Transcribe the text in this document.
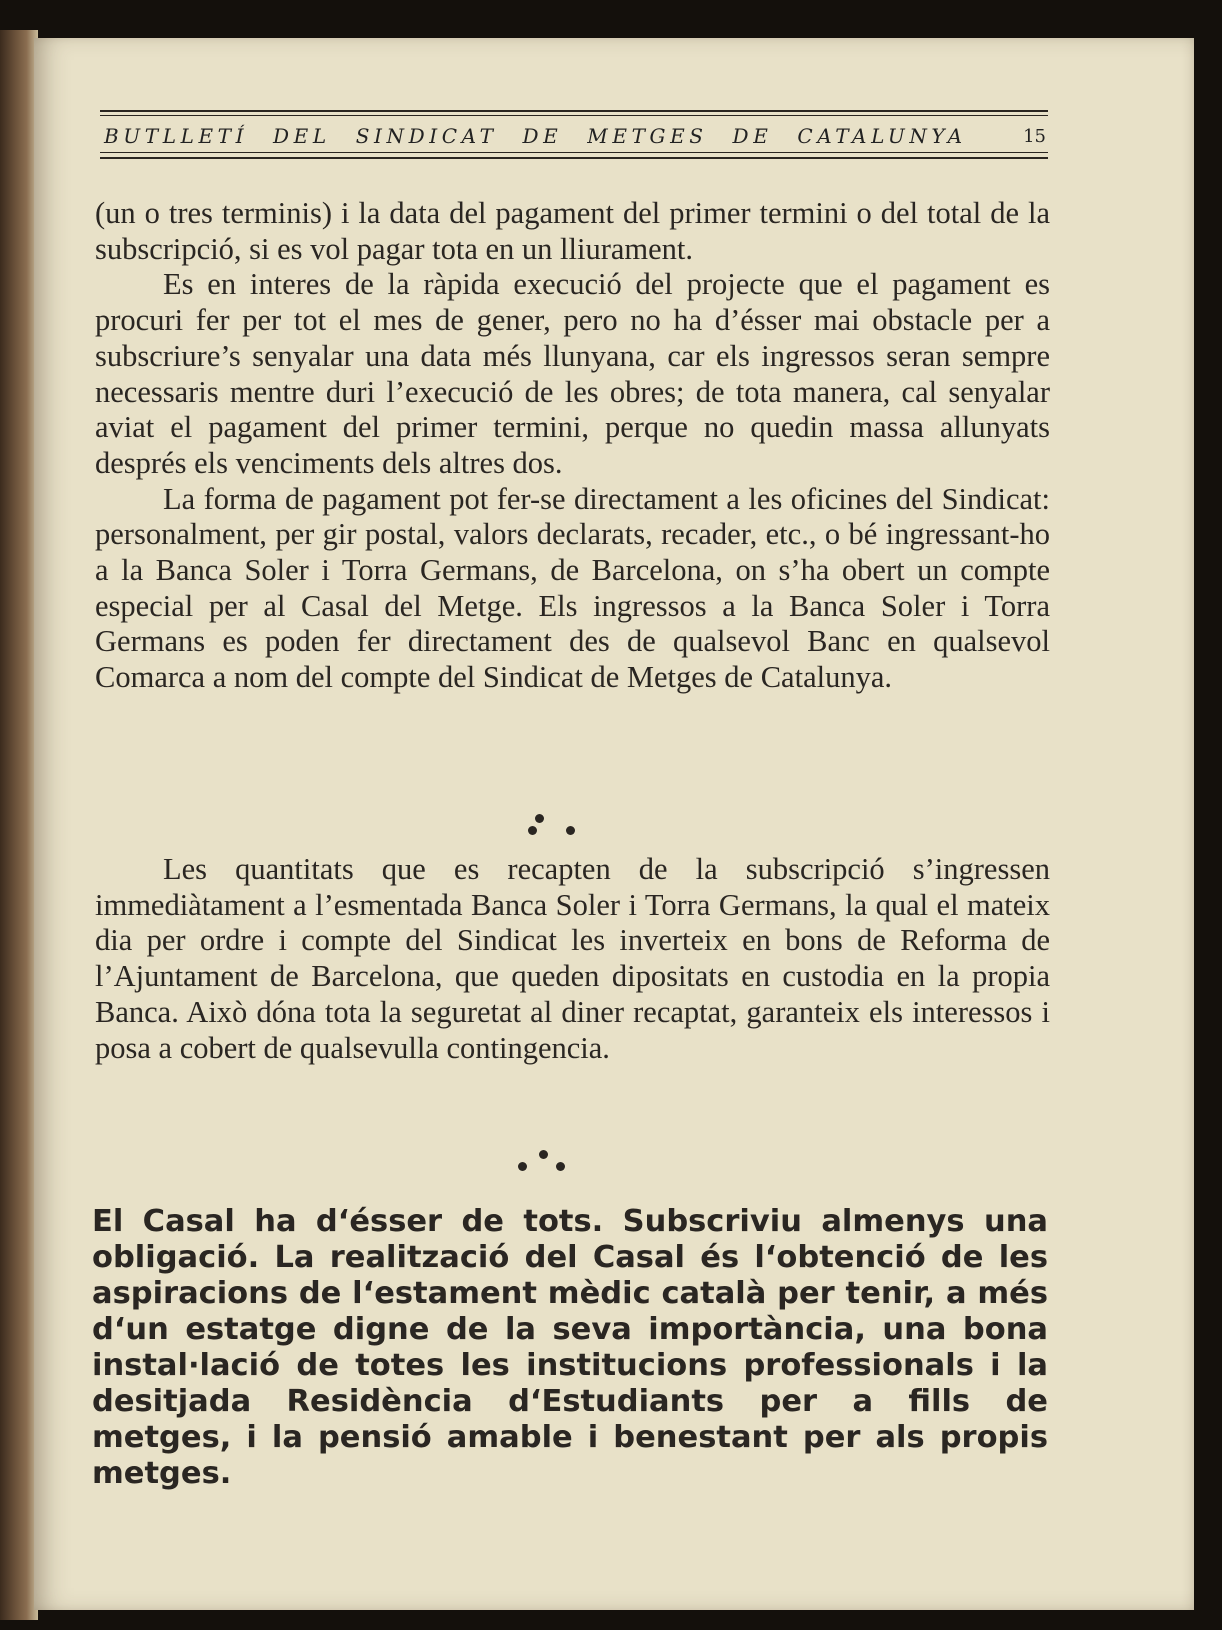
BUTLLETÍ DEL SINDICAT DE METGES DE CATALUNYA	15

(un o tres terminis) i la data del pagament del primer termini o del total de la subscripció, si es vol pagar tota en un lliurament.

Es en interes de la ràpida execució del projecte que el pagament es procuri fer per tot el mes de gener, pero no ha d’ésser mai obstacle per a subscriure’s senyalar una data més llunyana, car els ingressos seran sempre necessaris mentre duri l’execució de les obres; de tota manera, cal senyalar aviat el pagament del primer termini, perque no quedin massa allunyats després els venciments dels altres dos.

La forma de pagament pot fer-se directament a les oficines del Sindicat: personalment, per gir postal, valors declarats, recader, etc., o bé ingressant-ho a la Banca Soler i Torra Germans, de Barcelona, on s’ha obert un compte especial per al Casal del Metge. Els ingressos a la Banca Soler i Torra Germans es poden fer directament des de qualsevol Banc en qualsevol Comarca a nom del compte del Sindicat de Metges de Catalunya.

Les quantitats que es recapten de la subscripció s’ingressen immediàtament a l’esmentada Banca Soler i Torra Germans, la qual el mateix dia per ordre i compte del Sindicat les inverteix en bons de Reforma de l’Ajuntament de Barcelona, que queden dipositats en custodia en la propia Banca. Això dóna tota la seguretat al diner recaptat, garanteix els interessos i posa a cobert de qualsevulla contingencia.

El Casal ha d‘ésser de tots. Subscriviu almenys una obligació. La realització del Casal és l‘obtenció de les aspiracions de l‘estament mèdic català per tenir, a més d‘un estatge digne de la seva importància, una bona instal·lació de totes les institucions professionals i la desitjada Residència d‘Estudiants per a fills de metges, i la pensió amable i benestant per als propis metges.
